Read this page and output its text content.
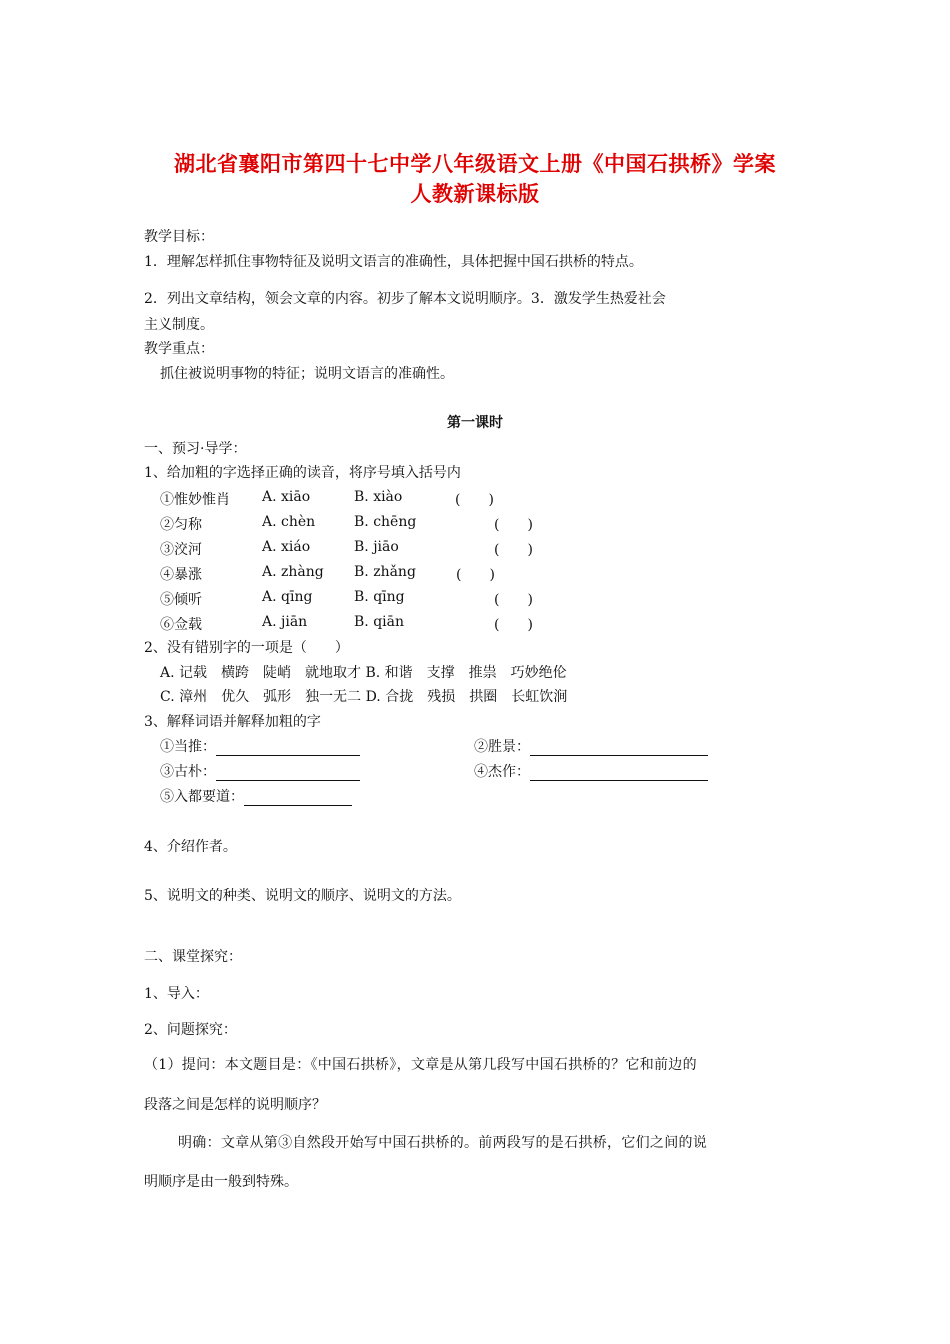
湖北省襄阳市第四十七中学八年级语文上册《中国石拱桥》学案
人教新课标版
教学目标：
1．理解怎样抓住事物特征及说明文语言的准确性，具体把握中国石拱桥的特点。
2．列出文章结构，领会文章的内容。初步了解本文说明顺序。3．激发学生热爱社会
主义制度。
教学重点：
抓住被说明事物的特征；说明文语言的准确性。
第一课时
一、预习·导学：
1、给加粗的字选择正确的读音，将序号填入括号内
①惟妙惟肖 A. xiāo	B. xiào	(　　)
②匀称	A. chèn	B. chēng	(　　)
③洨河	A. xiáo	B. jiāo	(　　)
④暴涨	A. zhàng B. zhǎng	(　　)
⑤倾听	A. qīng	B. qīng	(　　)
⑥佥载	A. jiān	B. qiān	(　　)
2、没有错别字的一项是（　　）
A. 记载　横跨　陡峭　就地取才 B. 和谐　支撑　推祟　巧妙绝伦
C. 漳州　优久　弧形　独一无二 D. 合拢　残损　拱圈　长虹饮涧
3、解释词语并解释加粗的字
①当推：	②胜景：
③古朴：	④杰作：
⑤入都要道：
4、介绍作者。
5、说明文的种类、说明文的顺序、说明文的方法。
二、课堂探究：
1、导入：
2、问题探究：
（1）提问：本文题目是：《中国石拱桥》，文章是从第几段写中国石拱桥的？它和前边的
段落之间是怎样的说明顺序？
明确：文章从第③自然段开始写中国石拱桥的。前两段写的是石拱桥，它们之间的说
明顺序是由一般到特殊。
